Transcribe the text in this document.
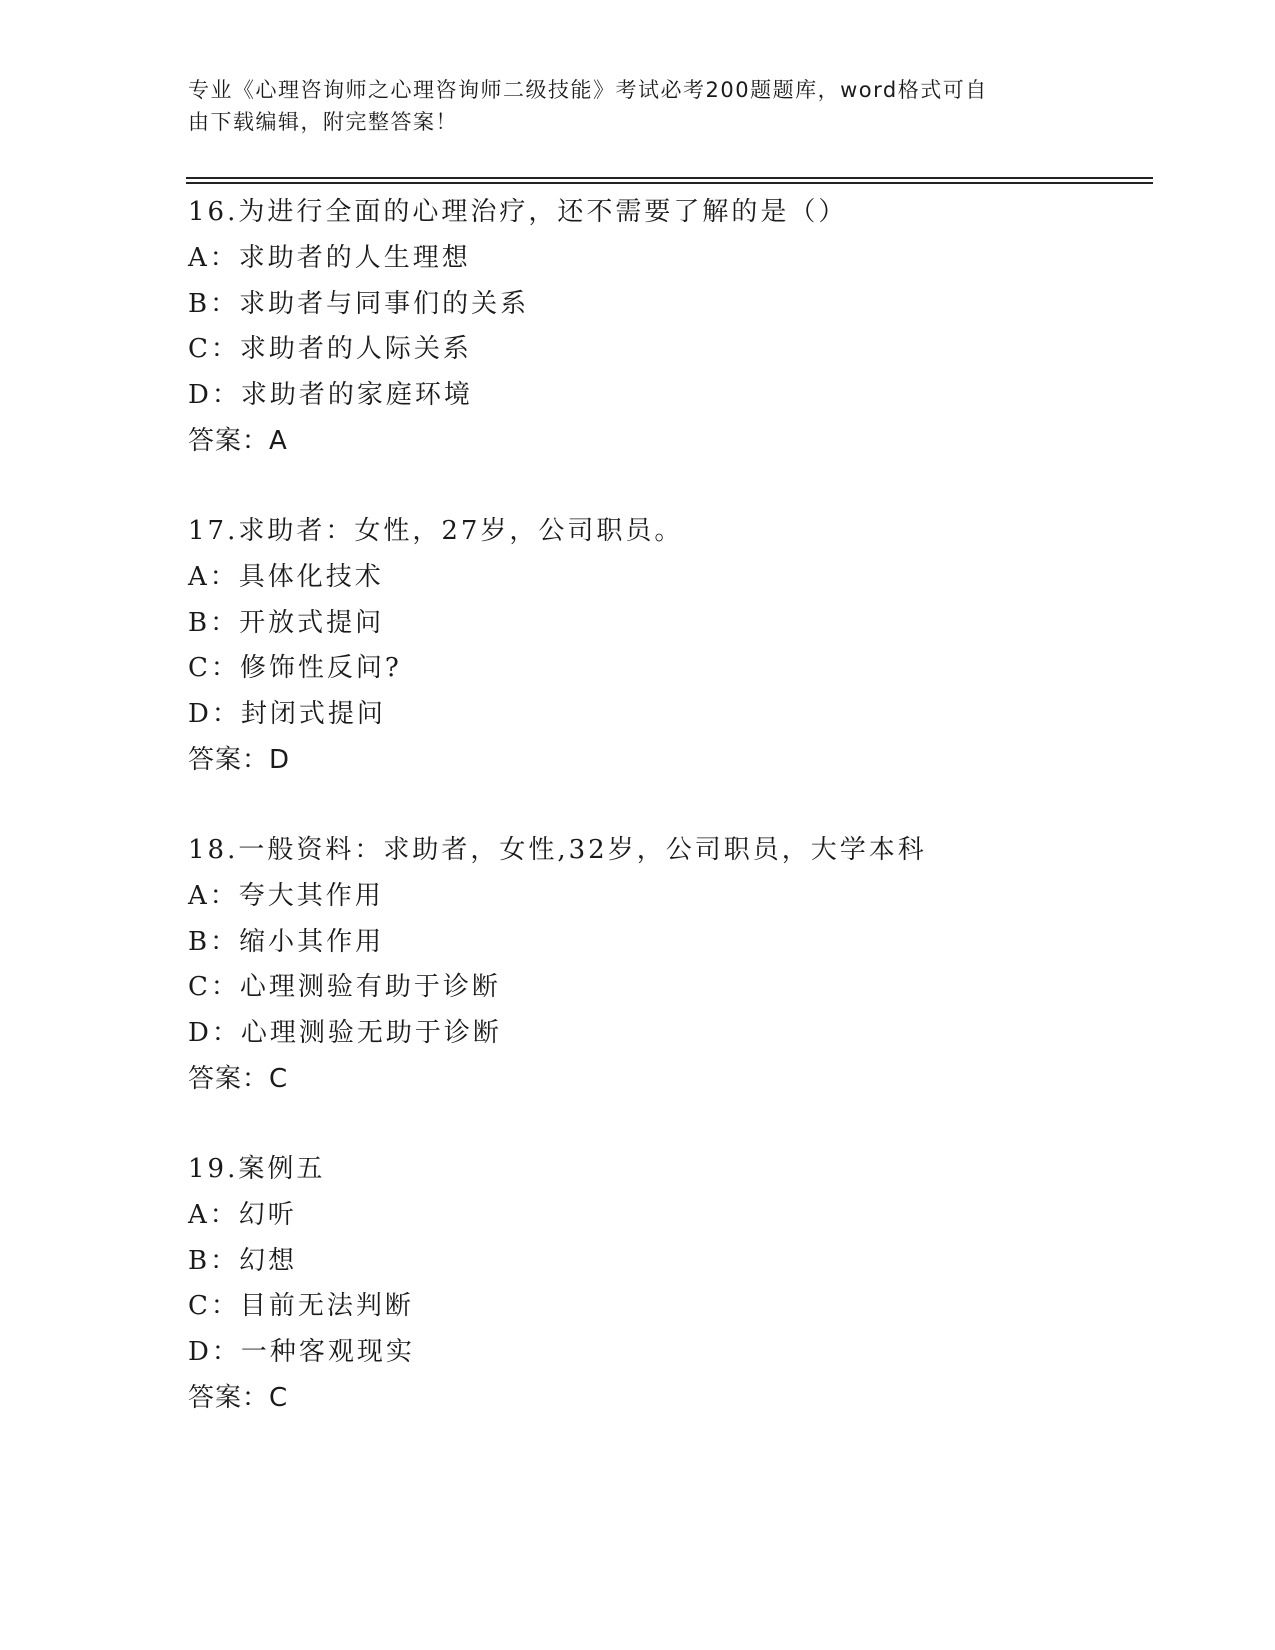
专业《心理咨询师之心理咨询师二级技能》考试必考200题题库，word格式可自

由下载编辑，附完整答案！

16.为进行全面的心理治疗，还不需要了解的是（）
A：求助者的人生理想
B：求助者与同事们的关系
C：求助者的人际关系
D：求助者的家庭环境
答案：A
17.求助者：女性，27岁，公司职员。
A：具体化技术
B：开放式提问
C：修饰性反问?
D：封闭式提问
答案：D
18.一般资料：求助者，女性,32岁，公司职员，大学本科
A：夸大其作用
B：缩小其作用
C：心理测验有助于诊断
D：心理测验无助于诊断
答案：C
19.案例五
A：幻听
B：幻想
C：目前无法判断
D：一种客观现实
答案：C
